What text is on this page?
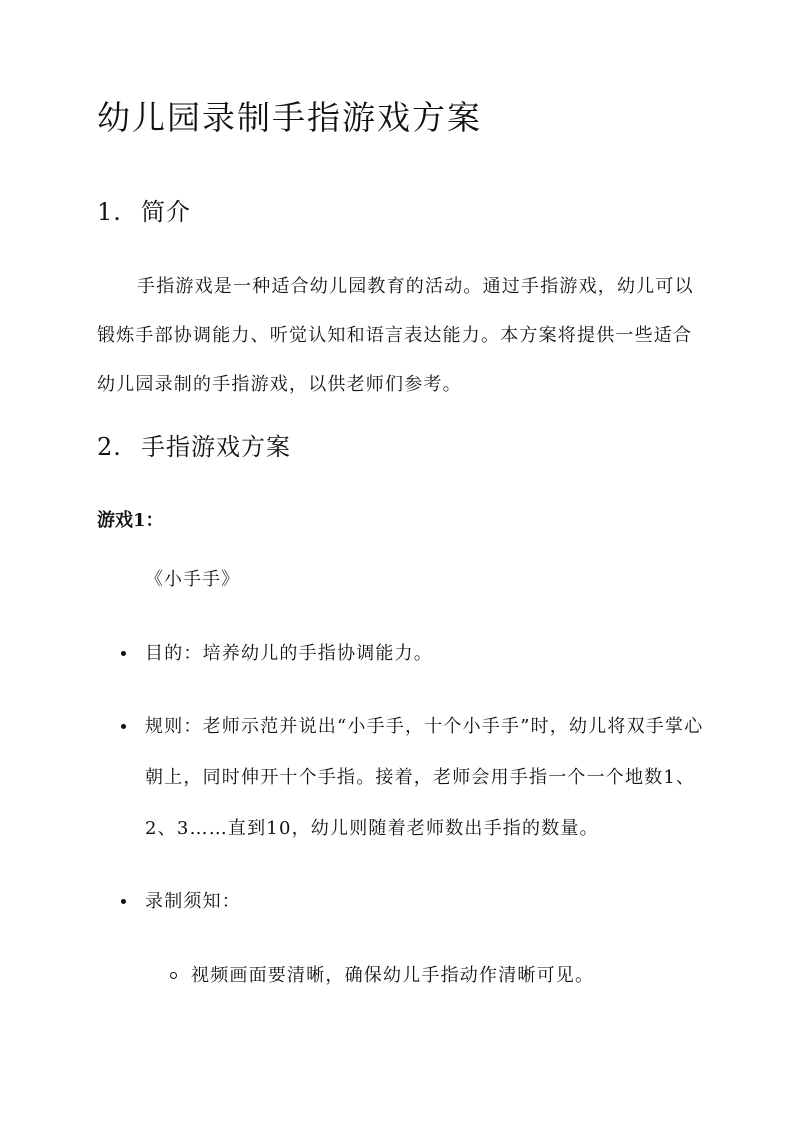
幼儿园录制手指游戏方案
1. 简介

手指游戏是一种适合幼儿园教育的活动。通过手指游戏，幼儿可以锻炼手部协调能力、听觉认知和语言表达能力。本方案将提供一些适合幼儿园录制的手指游戏，以供老师们参考。

2. 手指游戏方案

游戏1：

《小手手》

目的：培养幼儿的手指协调能力。
规则：老师示范并说出“小手手，十个小手手”时，幼儿将双手掌心朝上，同时伸开十个手指。接着，老师会用手指一个一个地数1、2、3……直到10，幼儿则随着老师数出手指的数量。
录制须知：
视频画面要清晰，确保幼儿手指动作清晰可见。
